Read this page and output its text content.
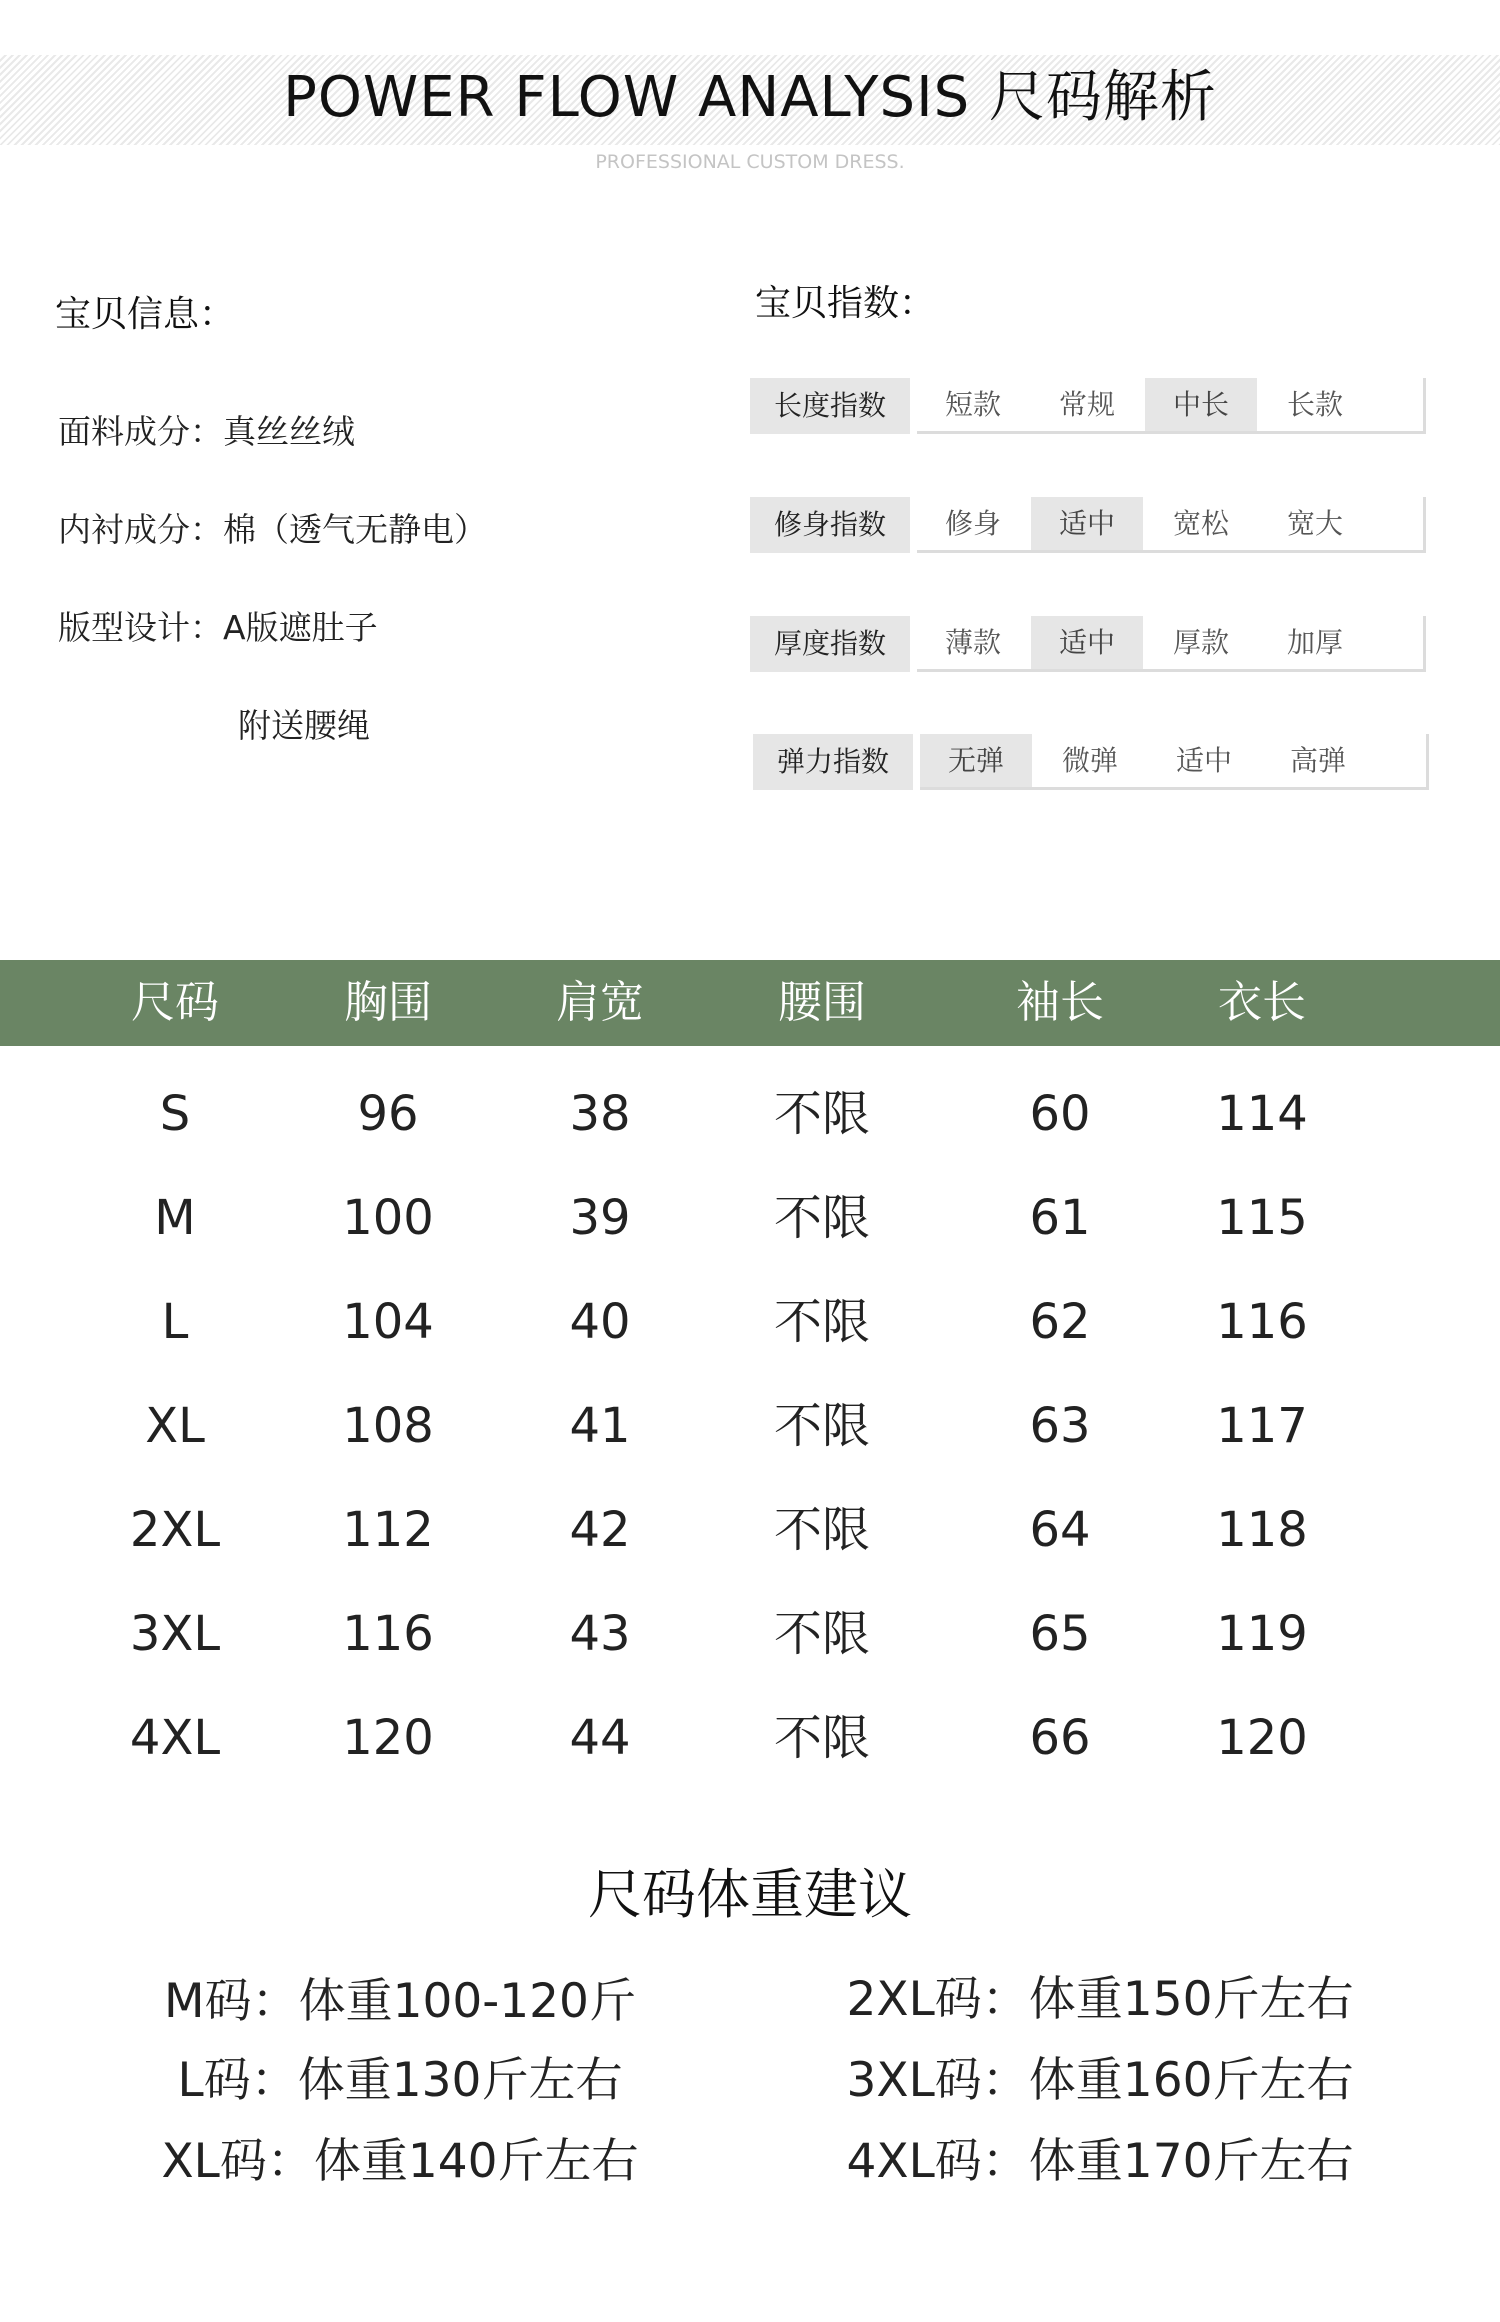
POWER FLOW ANALYSIS 尺码解析
PROFESSIONAL CUSTOM DRESS.
宝贝信息：
面料成分：真丝丝绒
内衬成分：棉（透气无静电）
版型设计：A版遮肚子
附送腰绳
宝贝指数：
长度指数	短款	常规	中长	长款
修身指数	修身	适中	宽松	宽大
厚度指数	薄款	适中	厚款	加厚
弹力指数	无弹	微弹	适中	高弹
尺码	胸围	肩宽	腰围	袖长	衣长
S	96	38	不限	60	114
M	100	39	不限	61	115
L	104	40	不限	62	116
XL	108	41	不限	63	117
2XL	112	42	不限	64	118
3XL	116	43	不限	65	119
4XL	120	44	不限	66	120
尺码体重建议
M码：体重100-120斤
L码：体重130斤左右
XL码：体重140斤左右
2XL码：体重150斤左右
3XL码：体重160斤左右
4XL码：体重170斤左右
